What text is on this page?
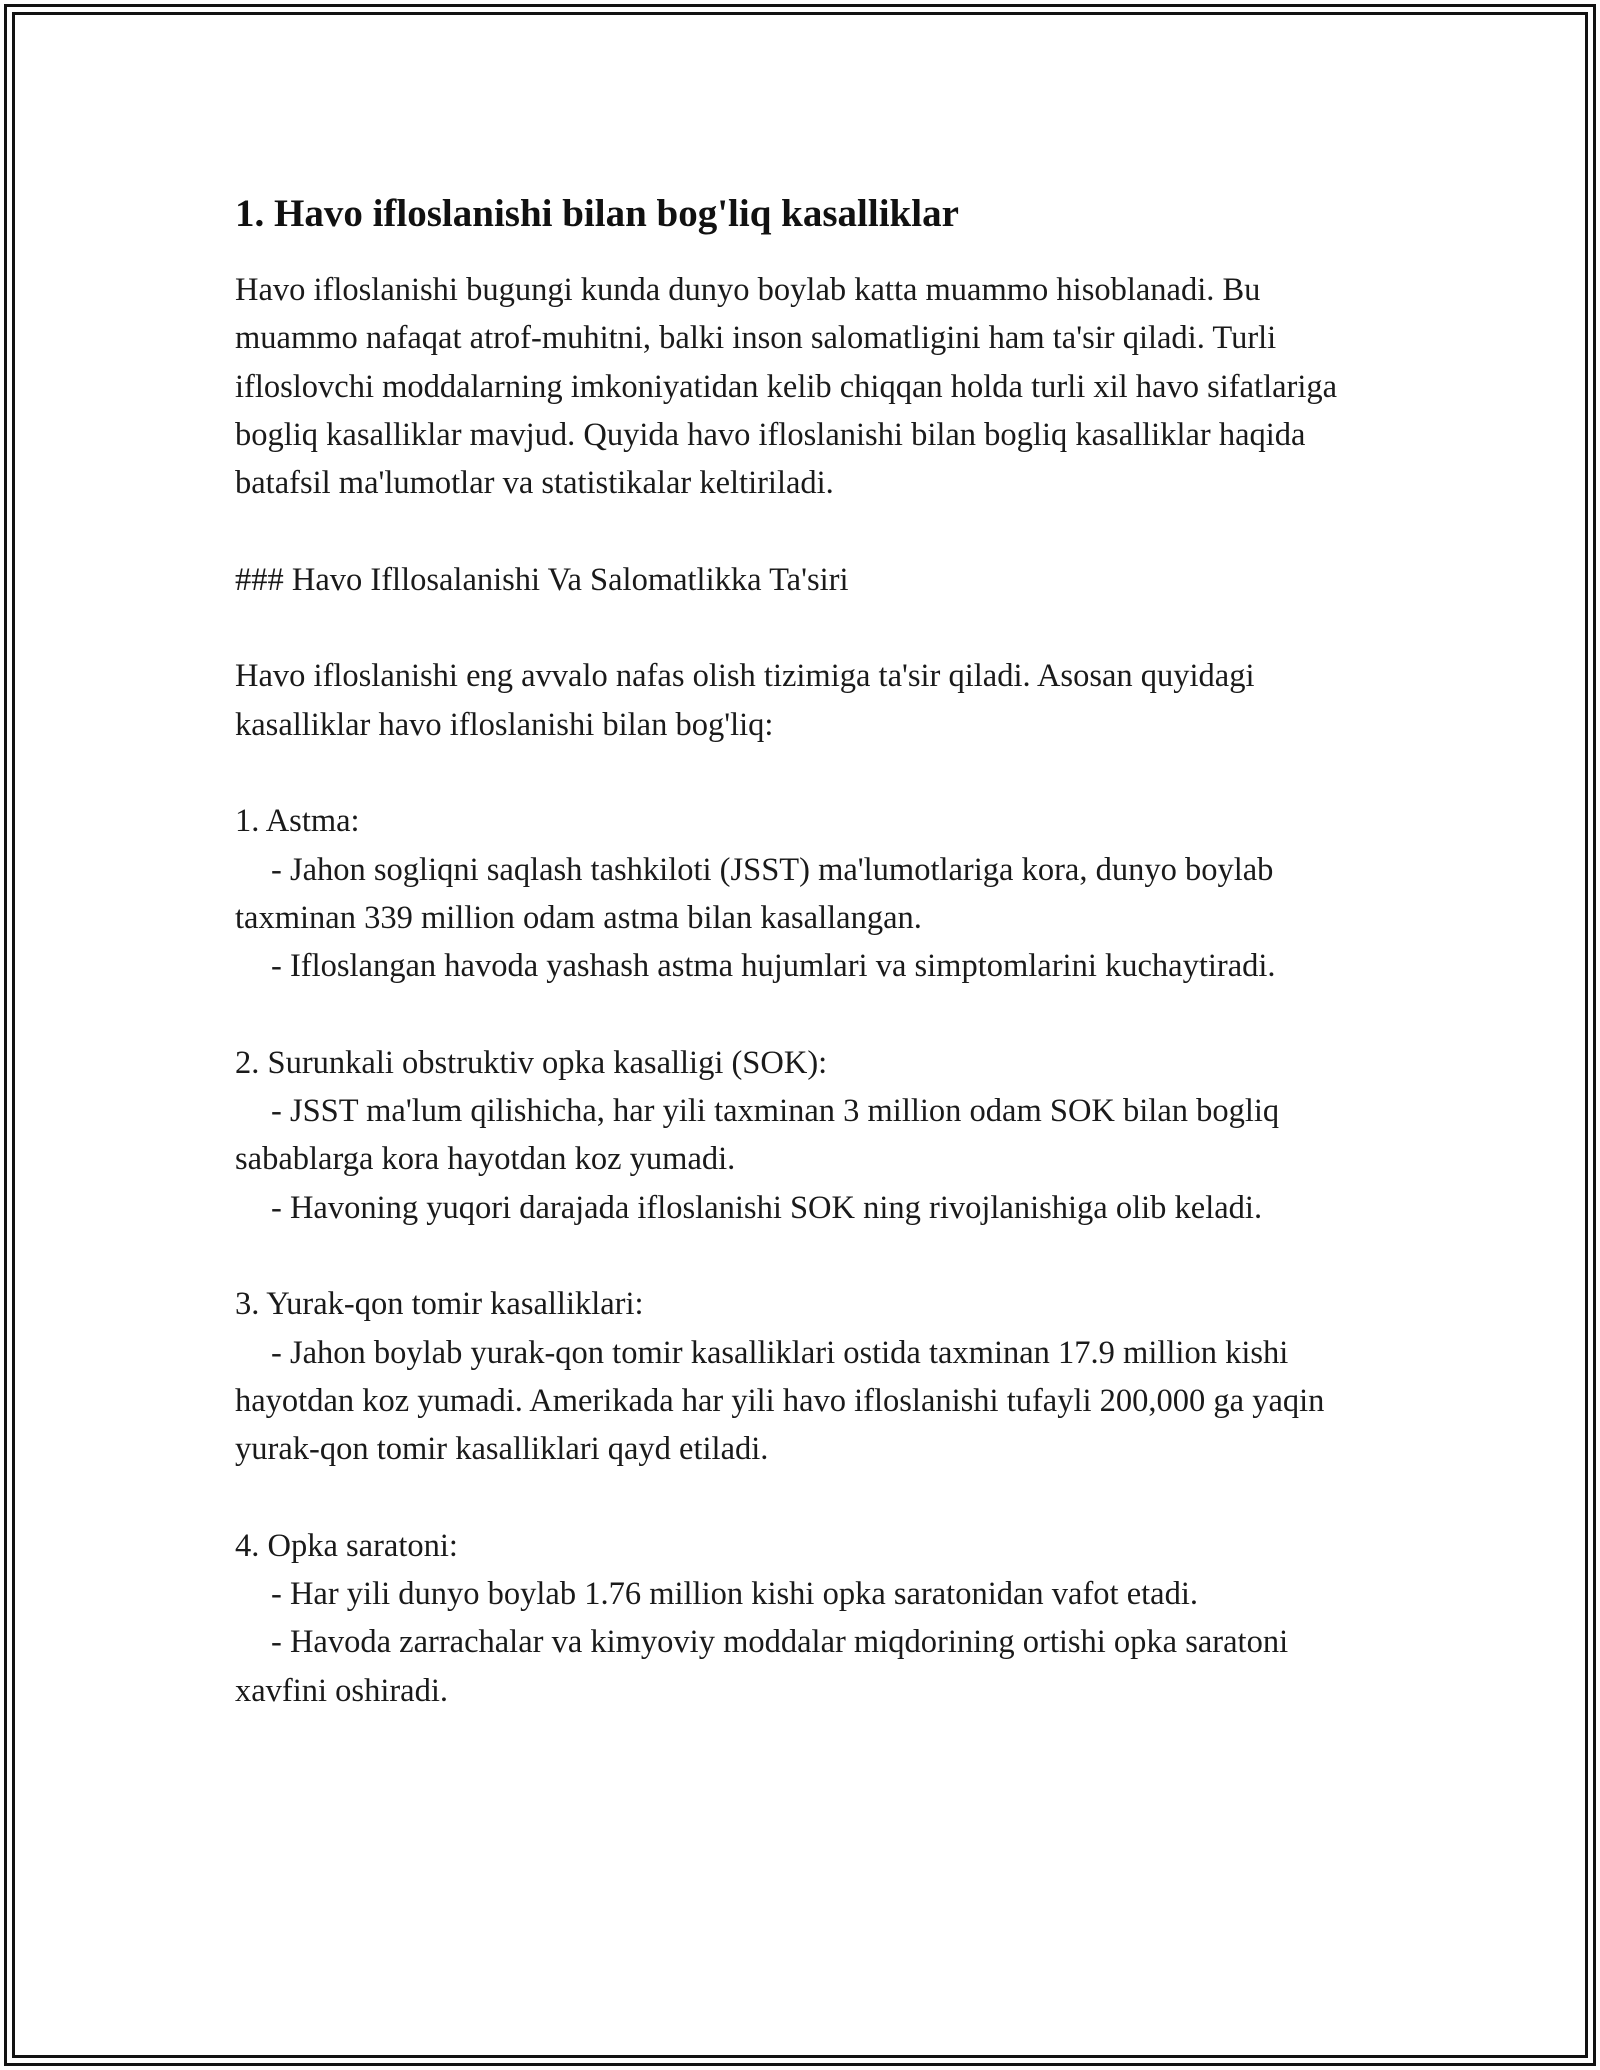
1. Havo ifloslanishi bilan bog'liq kasalliklar

Havo ifloslanishi bugungi kunda dunyo boylab katta muammo hisoblanadi. Bu muammo nafaqat atrof-muhitni, balki inson salomatligini ham ta'sir qiladi. Turli ifloslovchi moddalarning imkoniyatidan kelib chiqqan holda turli xil havo sifatlariga bogliq kasalliklar mavjud. Quyida havo ifloslanishi bilan bogliq kasalliklar haqida batafsil ma'lumotlar va statistikalar keltiriladi.

### Havo Ifllosalanishi Va Salomatlikka Ta'siri

Havo ifloslanishi eng avvalo nafas olish tizimiga ta'sir qiladi. Asosan quyidagi kasalliklar havo ifloslanishi bilan bog'liq:

1. Astma:

- Jahon sogliqni saqlash tashkiloti (JSST) ma'lumotlariga kora, dunyo boylab taxminan 339 million odam astma bilan kasallangan.

- Ifloslangan havoda yashash astma hujumlari va simptomlarini kuchaytiradi.

2. Surunkali obstruktiv opka kasalligi (SOK):

- JSST ma'lum qilishicha, har yili taxminan 3 million odam SOK bilan bogliq sabablarga kora hayotdan koz yumadi.

- Havoning yuqori darajada ifloslanishi SOK ning rivojlanishiga olib keladi.

3. Yurak-qon tomir kasalliklari:

- Jahon boylab yurak-qon tomir kasalliklari ostida taxminan 17.9 million kishi hayotdan koz yumadi. Amerikada har yili havo ifloslanishi tufayli 200,000 ga yaqin yurak-qon tomir kasalliklari qayd etiladi.

4. Opka saratoni:

- Har yili dunyo boylab 1.76 million kishi opka saratonidan vafot etadi.

- Havoda zarrachalar va kimyoviy moddalar miqdorining ortishi opka saratoni xavfini oshiradi.
